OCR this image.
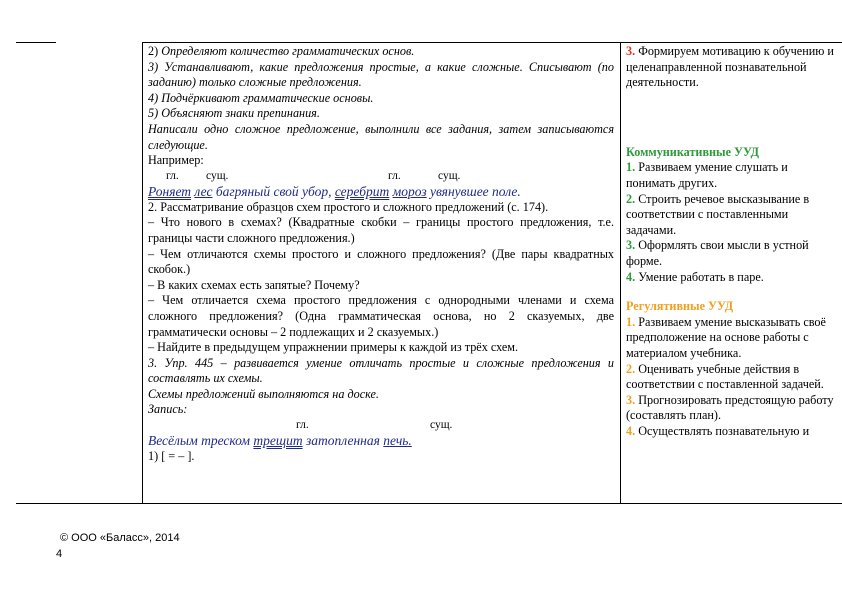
2) Определяют количество грамматических основ.

3) Устанавливают, какие предложения простые, а какие сложные. Списывают (по заданию) только сложные предложения.

4) Подчёркивают грамматические основы.

5) Объясняют знаки препинания.

Написали одно сложное предложение, выполнили все задания, затем записываются следующие.

Например:

гл. сущ.	гл.	сущ.

Роняет лес багряный свой убор, серебрит мороз увянувшее поле.

2. Рассматривание образцов схем простого и сложного предложений (с. 174).

– Что нового в схемах? (Квадратные скобки – границы простого предложения, т.е. границы части сложного предложения.)

– Чем отличаются схемы простого и сложного предложения? (Две пары квадратных скобок.)

– В каких схемах есть запятые? Почему?

– Чем отличается схема простого предложения с однородными членами и схема сложного предложения? (Одна грамматическая основа, но 2 сказуемых, две грамматически основы – 2 подлежащих и 2 сказуемых.)

– Найдите в предыдущем упражнении примеры к каждой из трёх схем.

3. Упр. 445 – развивается умение отличать простые и сложные предложения и составлять их схемы.

Схемы предложений выполняются на доске.

Запись:

гл.	сущ.

Весёлым треском трещит затопленная печь.

1) [ = – ].

3. Формируем мотивацию к обучению и целенаправленной познавательной деятельности.

Коммуникативные УУД

1. Развиваем умение слушать и понимать других.

2. Строить речевое высказывание в соответствии с поставленными задачами.

3. Оформлять свои мысли в устной форме.

4. Умение работать в паре.

Регулятивные УУД

1. Развиваем умение высказывать своё предположение на основе работы с материалом учебника.

2. Оценивать учебные действия в соответствии с поставленной задачей.

3. Прогнозировать предстоящую работу (составлять план).

4. Осуществлять познавательную и

© ООО «Баласс», 2014
4
